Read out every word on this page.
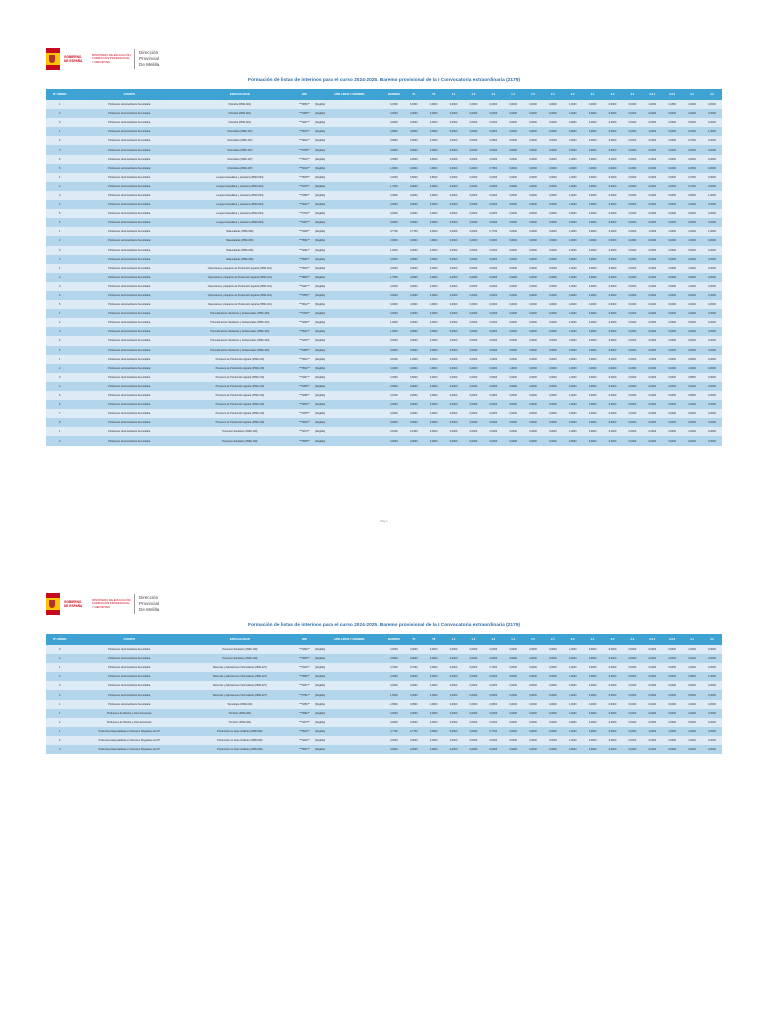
GOBIERNO DE ESPAÑA
MINISTERIO DE EDUCACIÓN, FORMACIÓN PROFESIONAL Y DEPORTES
Dirección Provincial
De Melilla
Formación de listas de interinos para el curso 2024-2025. Baremo provisional de la I Convocatoria extraordinaria (2179)
Nº ORDEN	CUERPO	ESPECIALIDAD	DNI	APELLIDOS Y NOMBRE	BAREMO	T1	T2	1.1	1.2	1.3	1.4	1.5	2.1	2.2	3.1	3.2	3.3	3.3.1	3.3.2	4.1	4.2
1	Profesores de Enseñanza Secundaria	Filosofía (0590-001)	***9863**	[illegible]	6,1500	6,1500	0,0000	0,0000	0,0000	0,0000	0,0000	0,0000	0,0000	1,0000	0,0000	0,0000	0,0000	1,0000	0,1500	1,0000	0,0000
2	Profesores de Enseñanza Secundaria	Filosofía (0590-001)	***9459**	[illegible]	2,0000	2,0000	0,0000	0,0000	0,0000	0,0000	0,0000	0,0000	0,0000	1,0000	0,0000	0,0000	0,0000	0,0000	0,0000	1,0000	0,0000
3	Profesores de Enseñanza Secundaria	Filosofía (0590-001)	***9247**	[illegible]	0,0000	0,0000	0,0000	0,0000	0,0000	0,0000	0,0000	0,0000	0,0000	0,0000	0,0000	0,0000	0,0000	0,0000	0,0000	0,0000	0,0000
1	Profesores de Enseñanza Secundaria	Informática (0590-107)	***9676**	[illegible]	2,9500	0,2500	0,0000	0,0000	0,0000	0,2500	0,0000	0,0000	0,0000	0,0000	0,0000	0,0000	0,0000	1,0000	0,2000	0,1500	1,0000
2	Profesores de Enseñanza Secundaria	Informática (0590-107)	***9632**	[illegible]	0,9500	0,2500	0,0000	0,0000	0,0000	0,2500	0,0000	0,0000	0,0000	0,0000	0,0000	0,0000	0,0000	0,0000	0,0000	0,7000	0,0000
3	Profesores de Enseñanza Secundaria	Informática (0590-107)	***9705**	[illegible]	0,0000	0,0000	0,0000	0,0000	0,0000	0,0000	0,0000	0,0000	0,0000	0,0000	0,0000	0,0000	0,0000	0,0000	0,0000	0,0000	0,0000
4	Profesores de Enseñanza Secundaria	Informática (0590-107)	***9543**	[illegible]	2,3500	0,4500	0,4500	0,0000	0,0000	0,0000	0,0000	0,0000	0,0000	1,0000	0,0000	0,0000	0,0000	0,0000	0,0000	0,9000	0,0000
5	Profesores de Enseñanza Secundaria	Informática (0590-107)	***9216**	[illegible]	1,0000	0,0000	0,0000	0,0000	0,0000	0,7500	0,0000	0,0000	0,0000	0,0000	0,0000	0,0000	0,0000	0,0000	0,0000	0,2500	0,0000
1	Profesores de Enseñanza Secundaria	Lengua Castellana y Literatura (0590-004)	***9578**	[illegible]	2,2000	0,5000	0,5000	0,0000	0,0000	0,0000	0,0000	0,0000	0,0000	1,0000	0,0000	0,0000	0,0000	0,0000	0,0000	0,7000	0,0000
2	Profesores de Enseñanza Secundaria	Lengua Castellana y Literatura (0590-004)	***9476**	[illegible]	1,7000	0,0000	0,0000	0,0000	0,0000	0,0000	0,0000	0,0000	0,0000	1,0000	0,0000	0,0000	0,0000	0,0000	0,0000	0,7000	0,0000
3	Profesores de Enseñanza Secundaria	Lengua Castellana y Literatura (0590-004)	***9389**	[illegible]	2,4500	0,2000	0,2000	0,0000	0,0000	0,0000	0,0000	0,0000	0,0000	1,0000	0,0000	0,0000	0,0000	0,0000	0,0000	0,2500	1,0000
4	Profesores de Enseñanza Secundaria	Lengua Castellana y Literatura (0590-004)	***9621**	[illegible]	2,0000	0,0000	0,0000	0,0000	0,0000	0,0000	0,0000	0,0000	0,0000	1,0000	0,0000	0,0000	0,0000	0,0000	0,0000	1,0000	0,0000
5	Profesores de Enseñanza Secundaria	Lengua Castellana y Literatura (0590-004)	***9734**	[illegible]	0,0000	0,0000	0,0000	0,0000	0,0000	0,0000	0,0000	0,0000	0,0000	0,0000	0,0000	0,0000	0,0000	0,0000	0,0000	0,0000	0,0000
6	Profesores de Enseñanza Secundaria	Lengua Castellana y Literatura (0590-004)	***9307**	[illegible]	0,0000	0,0000	0,0000	0,0000	0,0000	0,0000	0,0000	0,0000	0,0000	0,0000	0,0000	0,0000	0,0000	0,0000	0,0000	0,0000	0,0000
1	Profesores de Enseñanza Secundaria	Matemáticas (0590-006)	***9438**	[illegible]	4,7700	0,7700	0,0000	0,0000	0,0000	0,7700	0,0000	0,0000	0,0000	1,0000	0,0000	0,0000	0,0000	1,0000	1,0000	1,0000	1,0000
2	Profesores de Enseñanza Secundaria	Matemáticas (0590-006)	***9562**	[illegible]	2,0000	0,0000	0,0000	0,0000	0,0000	0,0000	0,0000	0,0000	0,0000	1,0000	0,0000	0,0000	0,0000	0,0000	0,0000	1,0000	0,0000
3	Profesores de Enseñanza Secundaria	Matemáticas (0590-006)	***9291**	[illegible]	1,2000	0,2000	0,0000	0,0000	0,0000	0,0000	0,0000	0,0000	0,0000	1,0000	0,0000	0,0000	0,0000	0,0000	0,0000	0,0000	0,0000
4	Profesores de Enseñanza Secundaria	Matemáticas (0590-006)	***9684**	[illegible]	0,0000	0,0000	0,0000	0,0000	0,0000	0,0000	0,0000	0,0000	0,0000	0,0000	0,0000	0,0000	0,0000	0,0000	0,0000	0,0000	0,0000
1	Profesores de Enseñanza Secundaria	Operaciones y Equipos de Producción Agraria (0590-101)	***9515**	[illegible]	2,0000	0,0000	0,0000	0,0000	0,0000	0,0000	0,0000	0,0000	0,0000	1,0000	0,0000	0,0000	0,0000	0,0000	0,0000	1,0000	0,0000
2	Profesores de Enseñanza Secundaria	Operaciones y Equipos de Producción Agraria (0590-101)	***9803**	[illegible]	1,7500	0,2500	0,0000	0,0000	0,0000	0,0000	0,0000	0,0000	0,0000	1,0000	0,0000	0,0000	0,0000	0,0000	0,0000	0,5000	0,0000
3	Profesores de Enseñanza Secundaria	Operaciones y Equipos de Producción Agraria (0590-101)	***9427**	[illegible]	2,2000	0,2000	0,0000	0,0000	0,0000	0,0000	0,0000	0,0000	0,0000	1,0000	0,0000	0,0000	0,0000	0,0000	0,0000	1,0000	0,0000
4	Profesores de Enseñanza Secundaria	Operaciones y Equipos de Producción Agraria (0590-101)	***9356**	[illegible]	0,0000	0,0000	0,0000	0,0000	0,0000	0,0000	0,0000	0,0000	0,0000	0,0000	0,0000	0,0000	0,0000	0,0000	0,0000	0,0000	0,0000
5	Profesores de Enseñanza Secundaria	Operaciones y Equipos de Producción Agraria (0590-101)	***9612**	[illegible]	0,0000	0,0000	0,0000	0,0000	0,0000	0,0000	0,0000	0,0000	0,0000	0,0000	0,0000	0,0000	0,0000	0,0000	0,0000	0,0000	0,0000
1	Profesores de Enseñanza Secundaria	Procedimientos Sanitarios y Asistenciales (0590-103)	***9748**	[illegible]	2,0000	0,0000	0,0000	0,0000	0,0000	0,0000	0,0000	0,0000	0,0000	1,0000	0,0000	0,0000	0,0000	0,0000	0,0000	1,0000	0,0000
2	Profesores de Enseñanza Secundaria	Procedimientos Sanitarios y Asistenciales (0590-103)	***9269**	[illegible]	1,0000	0,0000	0,0000	0,0000	0,0000	0,0000	0,0000	0,0000	0,0000	1,0000	0,0000	0,0000	0,0000	0,0000	0,0000	0,0000	0,0000
3	Profesores de Enseñanza Secundaria	Procedimientos Sanitarios y Asistenciales (0590-103)	***9531**	[illegible]	1,0000	0,0000	0,0000	0,0000	0,0000	0,0000	0,0000	0,0000	0,0000	1,0000	0,0000	0,0000	0,0000	0,0000	0,0000	0,0000	0,0000
4	Profesores de Enseñanza Secundaria	Procedimientos Sanitarios y Asistenciales (0590-103)	***9470**	[illegible]	0,0000	0,0000	0,0000	0,0000	0,0000	0,0000	0,0000	0,0000	0,0000	0,0000	0,0000	0,0000	0,0000	0,0000	0,0000	0,0000	0,0000
5	Profesores de Enseñanza Secundaria	Procedimientos Sanitarios y Asistenciales (0590-103)	***9385**	[illegible]	0,0000	0,0000	0,0000	0,0000	0,0000	0,0000	0,0000	0,0000	0,0000	0,0000	0,0000	0,0000	0,0000	0,0000	0,0000	0,0000	0,0000
1	Profesores de Enseñanza Secundaria	Procesos de Producción Agraria (0590-115)	***9611**	[illegible]	3,1500	1,2000	0,0000	0,0000	0,0000	1,2000	0,0000	0,0000	0,0000	0,0000	0,0000	0,0000	0,0000	1,0000	0,0000	0,9500	0,0000
2	Profesores de Enseñanza Secundaria	Procesos de Producción Agraria (0590-115)	***9542**	[illegible]	3,4000	0,0000	0,0000	0,0000	0,0000	0,0000	1,4000	0,0000	0,0000	1,0000	0,0000	0,0000	0,0000	0,0000	0,0000	1,0000	0,0000
3	Profesores de Enseñanza Secundaria	Procesos de Producción Agraria (0590-115)	***9327**	[illegible]	2,3500	0,5000	0,0000	0,0000	0,0000	0,5000	0,0000	0,0000	0,0000	1,0000	0,0000	0,0000	0,0000	0,0000	0,0000	0,8500	0,0000
4	Profesores de Enseñanza Secundaria	Procesos de Producción Agraria (0590-115)	***9456**	[illegible]	0,0000	0,0000	0,0000	0,0000	0,0000	0,0000	0,0000	0,0000	0,0000	0,0000	0,0000	0,0000	0,0000	0,0000	0,0000	0,0000	0,0000
5	Profesores de Enseñanza Secundaria	Procesos de Producción Agraria (0590-115)	***9288**	[illegible]	2,1000	0,2500	0,0000	0,0000	0,0000	0,2500	0,0000	0,0000	0,0000	1,0000	0,0000	0,0000	0,0000	0,0000	0,0000	0,8500	0,0000
6	Profesores de Enseñanza Secundaria	Procesos de Producción Agraria (0590-115)	***9654**	[illegible]	2,0000	0,0000	0,0000	0,0000	0,0000	0,0000	0,0000	0,0000	0,0000	1,0000	0,0000	0,0000	0,0000	0,0000	0,0000	1,0000	0,0000
7	Profesores de Enseñanza Secundaria	Procesos de Producción Agraria (0590-115)	***9378**	[illegible]	0,0000	0,0000	0,0000	0,0000	0,0000	0,0000	0,0000	0,0000	0,0000	0,0000	0,0000	0,0000	0,0000	0,0000	0,0000	0,0000	0,0000
8	Profesores de Enseñanza Secundaria	Procesos de Producción Agraria (0590-115)	***9503**	[illegible]	0,0000	0,0000	0,0000	0,0000	0,0000	0,0000	0,0000	0,0000	0,0000	0,0000	0,0000	0,0000	0,0000	0,0000	0,0000	0,0000	0,0000
1	Profesores de Enseñanza Secundaria	Procesos Sanitarios (0590-118)	***9274**	[illegible]	2,1500	0,1500	0,0000	0,0000	0,0000	0,0000	0,0000	0,0000	0,0000	1,0000	0,0000	0,0000	0,0000	0,0000	0,0000	1,0000	0,0000
2	Profesores de Enseñanza Secundaria	Procesos Sanitarios (0590-118)	***9568**	[illegible]	0,0000	0,0000	0,0000	0,0000	0,0000	0,0000	0,0000	0,0000	0,0000	0,0000	0,0000	0,0000	0,0000	0,0000	0,0000	0,0000	0,0000
Pág 1
GOBIERNO DE ESPAÑA
MINISTERIO DE EDUCACIÓN, FORMACIÓN PROFESIONAL Y DEPORTES
Dirección Provincial
De Melilla
Formación de listas de interinos para el curso 2024-2025. Baremo provisional de la I Convocatoria extraordinaria (2179)
Nº ORDEN	CUERPO	ESPECIALIDAD	DNI	APELLIDOS Y NOMBRE	BAREMO	T1	T2	1.1	1.2	1.3	1.4	1.5	2.1	2.2	3.1	3.2	3.3	3.3.1	3.3.2	4.1	4.2
3	Profesores de Enseñanza Secundaria	Procesos Sanitarios (0590-118)	***9392**	[illegible]	2,0000	0,0000	0,0000	0,0000	0,0000	0,0000	0,0000	0,0000	0,0000	1,0000	0,0000	0,0000	0,0000	0,0000	0,0000	1,0000	0,0000
4	Profesores de Enseñanza Secundaria	Procesos Sanitarios (0590-118)	***9645**	[illegible]	0,0000	0,0000	0,0000	0,0000	0,0000	0,0000	0,0000	0,0000	0,0000	0,0000	0,0000	0,0000	0,0000	0,0000	0,0000	0,0000	0,0000
1	Profesores de Enseñanza Secundaria	Sistemas y Aplicaciones Informáticas (0590-227)	***9416**	[illegible]	2,7000	0,7000	0,0000	0,0000	0,0000	0,7000	0,0000	0,0000	0,0000	1,0000	0,0000	0,0000	0,0000	0,0000	0,0000	1,0000	0,0000
2	Profesores de Enseñanza Secundaria	Sistemas y Aplicaciones Informáticas (0590-227)	***9583**	[illegible]	2,4500	0,0000	0,0000	0,0000	0,0000	0,0000	0,0000	0,0000	0,0000	1,0000	0,0000	0,0000	0,0000	0,0000	0,0000	0,4500	1,0000
3	Profesores de Enseñanza Secundaria	Sistemas y Aplicaciones Informáticas (0590-227)	***9237**	[illegible]	0,0000	0,0000	0,0000	0,0000	0,0000	0,0000	0,0000	0,0000	0,0000	0,0000	0,0000	0,0000	0,0000	0,0000	0,0000	0,0000	0,0000
4	Profesores de Enseñanza Secundaria	Sistemas y Aplicaciones Informáticas (0590-227)	***9761**	[illegible]	1,5000	0,0000	0,0000	0,0000	0,0000	0,0000	0,0000	0,0000	0,0000	1,0000	0,0000	0,0000	0,0000	0,0000	0,0000	0,5000	0,0000
1	Profesores de Enseñanza Secundaria	Tecnología (0590-019)	***9354**	[illegible]	2,9500	0,9500	0,0000	0,0000	0,0000	0,9500	0,0000	0,0000	0,0000	1,0000	0,0000	0,0000	0,0000	0,0000	0,0000	1,0000	0,0000
1	Profesores de Música y Artes Escénicas	Trombón (0594-061)	***9682**	[illegible]	2,0000	0,0000	0,0000	0,0000	0,0000	0,0000	0,0000	0,0000	0,0000	1,0000	0,0000	0,0000	0,0000	0,0000	0,0000	1,0000	0,0000
2	Profesores de Música y Artes Escénicas	Trombón (0594-061)	***9473**	[illegible]	0,0000	0,0000	0,0000	0,0000	0,0000	0,0000	0,0000	0,0000	0,0000	0,0000	0,0000	0,0000	0,0000	0,0000	0,0000	0,0000	0,0000
1	Profesores Especialistas en Sectores Singulares de FP	Producción en Artes Gráficas (0598-006)	***9519**	[illegible]	4,7700	0,7700	0,0000	0,0000	0,0000	0,7700	0,0000	0,0000	0,0000	1,0000	0,0000	0,0000	0,0000	1,0000	1,0000	1,0000	0,0000
2	Profesores Especialistas en Sectores Singulares de FP	Producción en Artes Gráficas (0598-006)	***9246**	[illegible]	2,0000	0,0000	0,0000	0,0000	0,0000	0,0000	0,0000	0,0000	0,0000	1,0000	0,0000	0,0000	0,0000	0,0000	0,0000	1,0000	0,0000
3	Profesores Especialistas en Sectores Singulares de FP	Producción en Artes Gráficas (0598-006)	***9637**	[illegible]	0,0000	0,0000	0,0000	0,0000	0,0000	0,0000	0,0000	0,0000	0,0000	0,0000	0,0000	0,0000	0,0000	0,0000	0,0000	0,0000	0,0000
